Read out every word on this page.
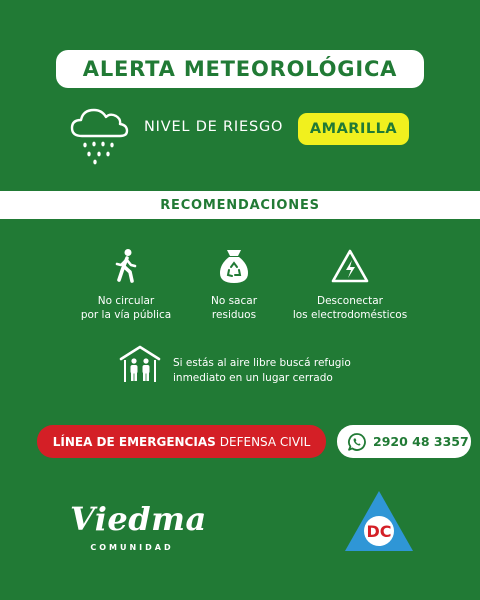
ALERTA METEOROLÓGICA
NIVEL DE RIESGO	AMARILLA
RECOMENDACIONES
No circular
por la vía pública
No sacar
residuos
Desconectar
los electrodomésticos
Si estás al aire libre buscá refugio
inmediato en un lugar cerrado
LÍNEA DE EMERGENCIAS DEFENSA CIVIL	2920 48 3357
Viedma
COMUNIDAD
DC
